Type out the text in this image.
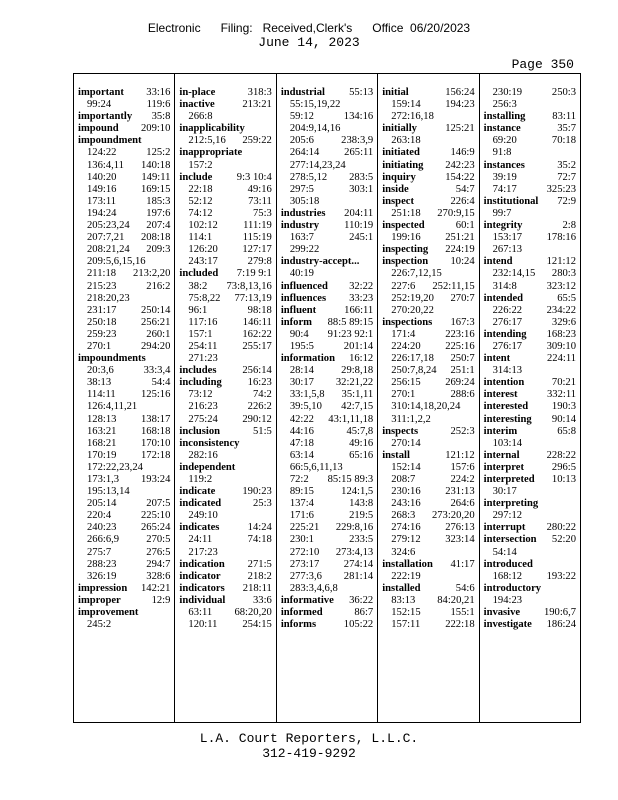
Electronic      Filing:   Received,Clerk's      Office  06/20/2023
June 14, 2023
Page 350
important 33:16
99:24	119:6
importantly 35:8
impound 209:10
impoundment
124:22	125:2
136:4,11 140:18
140:20 149:11
149:16 169:15
173:11	185:3
194:24	197:6
205:23,24 207:4
207:7,21 208:18
208:21,24 209:3
209:5,6,15,16
211:18 213:2,20
215:23	216:2
218:20,23
231:17 250:14
250:18 256:21
259:23	260:1
270:1	294:20
impoundments
20:3,6	33:3,4
38:13	54:4
114:11 125:16
126:4,11,21
128:13 138:17
163:21 168:18
168:21 170:10
170:19 172:18
172:22,23,24
173:1,3 193:24
195:13,14
205:14	207:5
220:4	225:10
240:23 265:24
266:6,9	270:5
275:7	276:5
288:23	294:7
326:19	328:6
impression 142:21
improper	12:9
improvement
245:2
in-place	318:3
inactive	213:21
266:8
inapplicability
212:5,16 259:22
inappropriate
157:2
include 9:3 10:4
22:18	49:16
52:12	73:11
74:12	75:3
102:12 111:19
114:1	115:19
126:20 127:17
243:17	279:8
included 7:19 9:1
38:2 73:8,13,16
75:8,22 77:13,19
96:1	98:18
117:16 146:11
157:1	162:22
254:11 255:17
271:23
includes 256:14
including 16:23
73:12	74:2
216:23	226:2
275:24 290:12
inclusion	51:5
inconsistency
282:16
independent
119:2
indicate	190:23
indicated	25:3
249:10
indicates	14:24
24:11	74:18
217:23
indication 271:5
indicator	218:2
indicators 218:11
individual	33:6
63:11 68:20,20
120:11 254:15
industrial 55:13
55:15,19,22
59:12	134:16
204:9,14,16
205:6	238:3,9
264:14 265:11
277:14,23,24
278:5,12 283:5
297:5	303:1
305:18
industries 204:11
industry 110:19
163:7	245:1
299:22
industry-accept...
40:19
influenced 32:22
influences 33:23
influent	166:11
inform 88:5 89:15
90:4 91:23 92:1
195:5	201:14
information 16:12
28:14	29:8,18
30:17 32:21,22
33:1,5,8 35:1,11
39:5,10 42:7,15
42:22 43:1,11,18
44:16	45:7,8
47:18	49:16
63:14	65:16
66:5,6,11,13
72:2 85:15 89:3
89:15	124:1,5
137:4	143:8
171:6	219:5
225:21 229:8,16
230:1	233:5
272:10 273:4,13
273:17 274:14
277:3,6 281:14
283:3,4,6,8
informative 36:22
informed	86:7
informs	105:22
initial	156:24
159:14 194:23
272:16,18
initially	125:21
263:18
initiated	146:9
initiating 242:23
inquiry	154:22
inside	54:7
inspect	226:4
251:18 270:9,15
inspected	60:1
199:16 251:21
inspecting 224:19
inspection 10:24
226:7,12,15
227:6 252:11,15
252:19,20 270:7
270:20,22
inspections 167:3
171:4	223:16
224:20 225:16
226:17,18 250:7
250:7,8,24 251:1
256:15 269:24
270:1	288:6
310:14,18,20,24
311:1,2,2
inspects	252:3
270:14
install	121:12
152:14	157:6
208:7	224:2
230:16 231:13
243:16	264:6
268:3 273:20,20
274:16 276:13
279:12 323:14
324:6
installation 41:17
222:19
installed	54:6
83:13 84:20,21
152:15	155:1
157:11 222:18
230:19	250:3
256:3
installing	83:11
instance	35:7
69:20	70:18
91:8
instances	35:2
39:19	72:7
74:17	325:23
institutional 72:9
99:7
integrity	2:8
153:17 178:16
267:13
intend	121:12
232:14,15 280:3
314:8	323:12
intended	65:5
226:22 234:22
276:17	329:6
intending 168:23
276:17 309:10
intent	224:11
314:13
intention	70:21
interest	332:11
interested 190:3
interesting 90:14
interim	65:8
103:14
internal	228:22
interpret	296:5
interpreted 10:13
30:17
interpreting
297:12
interrupt 280:22
intersection 52:20
54:14
introduced
168:12 193:22
introductory
194:23
invasive 190:6,7
investigate 186:24
L.A. Court Reporters, L.L.C.
312-419-9292
